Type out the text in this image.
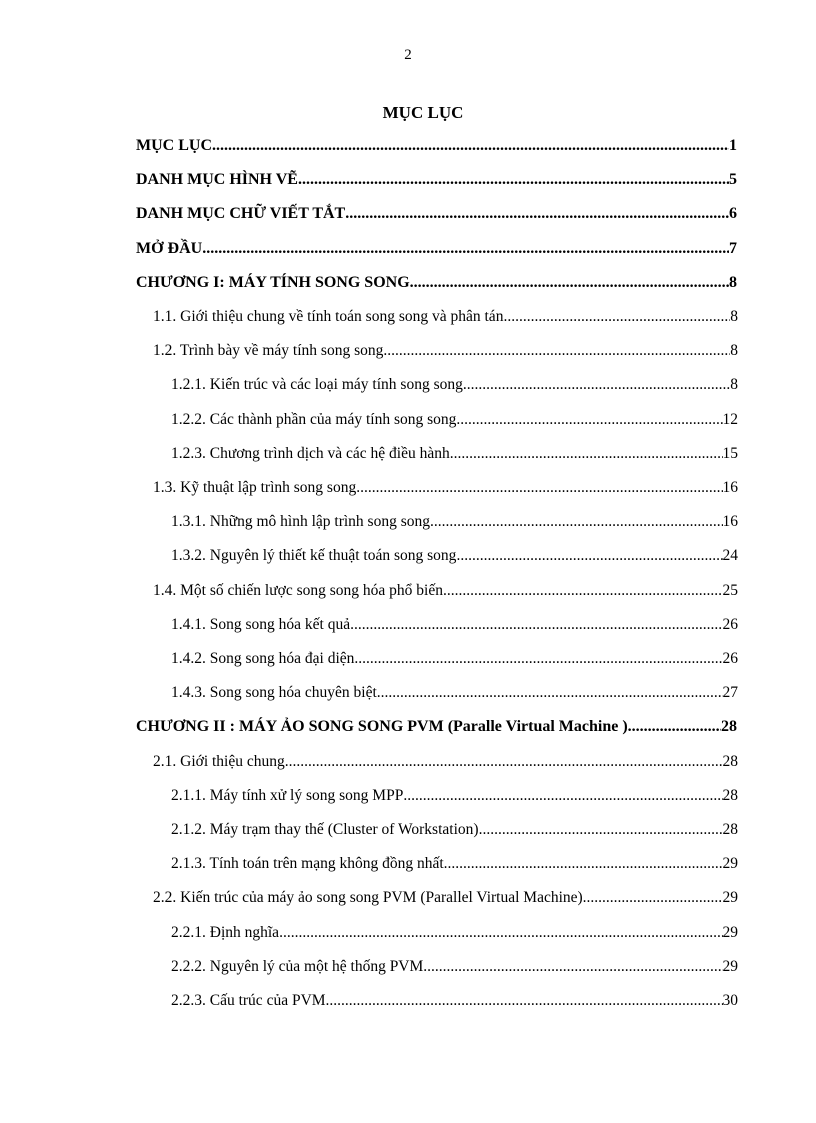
2
MỤC LỤC
MỤC LỤC .....	1
DANH MỤC HÌNH VẼ .....	5
DANH MỤC CHỮ VIẾT TẮT .....	6
MỞ ĐẦU .....	7
CHƯƠNG I: MÁY TÍNH SONG SONG .....	8
1.1. Giới thiệu chung về tính toán song song và phân tán .....	8
1.2. Trình bày về máy tính song song .....	8
1.2.1. Kiến trúc và các loại máy tính song song .....	8
1.2.2. Các thành phần của máy tính song song .....	12
1.2.3. Chương trình dịch và các hệ điều hành .....	15
1.3. Kỹ thuật lập trình song song .....	16
1.3.1. Những mô hình lập trình song song .....	16
1.3.2. Nguyên lý thiết kế thuật toán song song .....	24
1.4. Một số chiến lược song song hóa phổ biến .....	25
1.4.1. Song song hóa kết quả .....	26
1.4.2. Song song hóa đại diện .....	26
1.4.3. Song song hóa chuyên biệt .....	27
CHƯƠNG II : MÁY ẢO SONG SONG PVM (Paralle Virtual Machine ) .....	28
2.1. Giới thiệu chung .....	28
2.1.1. Máy tính xử lý song song MPP .....	28
2.1.2. Máy trạm thay thế (Cluster of Workstation) .....	28
2.1.3. Tính toán trên mạng không đồng nhất .....	29
2.2. Kiến trúc của máy ảo song song PVM (Parallel Virtual Machine) .....	29
2.2.1. Định nghĩa .....	29
2.2.2. Nguyên lý của một hệ thống PVM .....	29
2.2.3. Cấu trúc của PVM .....	30
